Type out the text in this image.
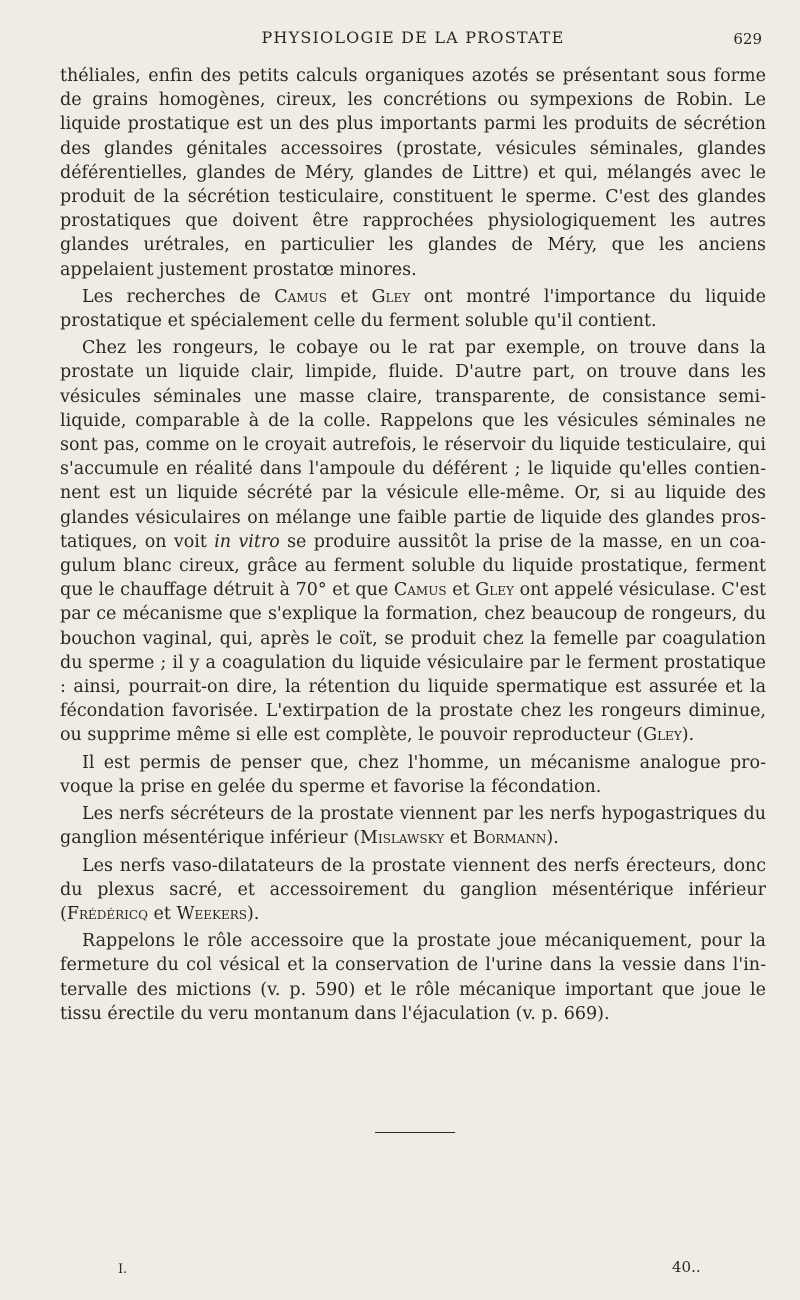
PHYSIOLOGIE DE LA PROSTATE	629

théliales, enfin des petits calculs organiques azotés se présentant sous forme de grains homogènes, cireux, les concrétions ou sympexions de Robin. Le liquide prostatique est un des plus importants parmi les produits de sécrétion des glandes génitales accessoires (prostate, vésicules séminales, glandes déférentielles, glandes de Méry, glandes de Littre) et qui, mélangés avec le produit de la sécrétion testiculaire, constituent le sperme. C'est des glandes prostatiques que doivent être rapprochées physiologiquement les autres glandes urétrales, en particulier les glandes de Méry, que les anciens appelaient justement prostatœ minores.

Les recherches de Camus et Gley ont montré l'importance du liquide prostatique et spécialement celle du ferment soluble qu'il contient.

Chez les rongeurs, le cobaye ou le rat par exemple, on trouve dans la prostate un liquide clair, limpide, fluide. D'autre part, on trouve dans les vésicules séminales une masse claire, transparente, de consistance semiliquide, comparable à de la colle. Rappelons que les vésicules séminales ne sont pas, comme on le croyait autrefois, le réservoir du liquide testiculaire, qui s'accumule en réalité dans l'ampoule du déférent ; le liquide qu'elles contiennent est un liquide sécrété par la vésicule elle-même. Or, si au liquide des glandes vésiculaires on mélange une faible partie de liquide des glandes prostatiques, on voit in vitro se produire aussitôt la prise de la masse, en un coagulum blanc cireux, grâce au ferment soluble du liquide prostatique, ferment que le chauffage détruit à 70° et que Camus et Gley ont appelé vésiculase. C'est par ce mécanisme que s'explique la formation, chez beaucoup de rongeurs, du bouchon vaginal, qui, après le coït, se produit chez la femelle par coagulation du sperme ; il y a coagulation du liquide vésiculaire par le ferment prostatique : ainsi, pourrait-on dire, la rétention du liquide spermatique est assurée et la fécondation favorisée. L'extirpation de la prostate chez les rongeurs diminue, ou supprime même si elle est complète, le pouvoir reproducteur (Gley).

Il est permis de penser que, chez l'homme, un mécanisme analogue provoque la prise en gelée du sperme et favorise la fécondation.

Les nerfs sécréteurs de la prostate viennent par les nerfs hypogastriques du ganglion mésentérique inférieur (Mislawsky et Bormann).

Les nerfs vaso-dilatateurs de la prostate viennent des nerfs érecteurs, donc du plexus sacré, et accessoirement du ganglion mésentérique inférieur (Frédéricq et Weekers).

Rappelons le rôle accessoire que la prostate joue mécaniquement, pour la fermeture du col vésical et la conservation de l'urine dans la vessie dans l'intervalle des mictions (v. p. 590) et le rôle mécanique important que joue le tissu érectile du veru montanum dans l'éjaculation (v. p. 669).

I.	40..
